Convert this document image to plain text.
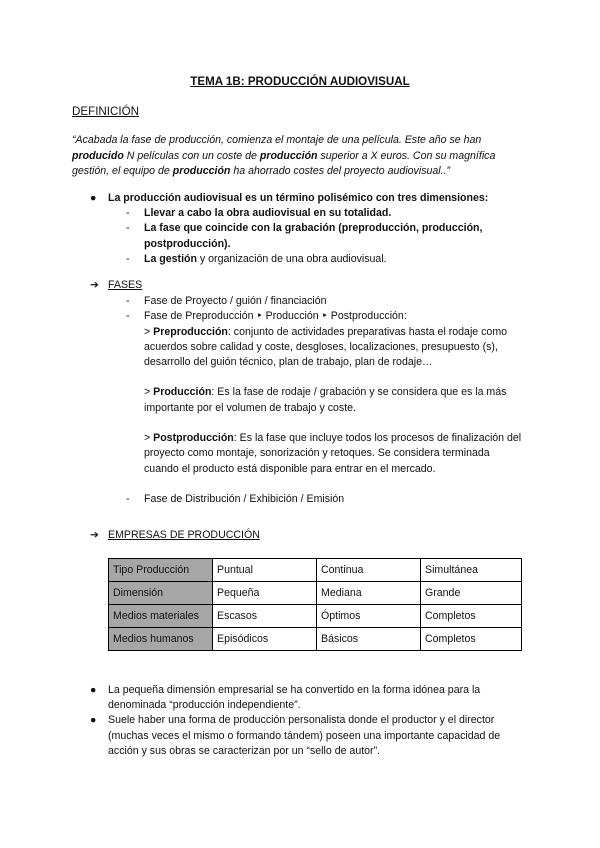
TEMA 1B: PRODUCCIÓN AUDIOVISUAL
DEFINICIÓN
“Acabada la fase de producción, comienza el montaje de una película. Este año se han producido N películas con un coste de producción superior a X euros. Con su magnífica gestión, el equipo de producción ha ahorrado costes del proyecto audiovisual..”
●	La producción audiovisual es un término polisémico con tres dimensiones:
-	Llevar a cabo la obra audiovisual en su totalidad.
-	La fase que coincide con la grabación (preproducción, producción, postproducción).
-	La gestión y organización de una obra audiovisual.
➔ FASES
-	Fase de Proyecto / guión / financiación
-	Fase de Preproducción ‣ Producción ‣ Postproducción:
> Preproducción: conjunto de actividades preparativas hasta el rodaje como acuerdos sobre calidad y coste, desgloses, localizaciones, presupuesto (s), desarrollo del guión técnico, plan de trabajo, plan de rodaje…
> Producción: Es la fase de rodaje / grabación y se considera que es la más importante por el volumen de trabajo y coste.
> Postproducción: Es la fase que incluye todos los procesos de finalización del proyecto como montaje, sonorización y retoques. Se considera terminada cuando el producto está disponible para entrar en el mercado.
-	Fase de Distribución / Exhibición / Emisión
➔ EMPRESAS DE PRODUCCIÓN
Tipo Producción	Puntual	Continua	Simultánea
Dimensión	Pequeña	Mediana	Grande
Medios materiales	Escasos	Óptimos	Completos
Medios humanos	Episódicos	Básicos	Completos
●	La pequeña dimensión empresarial se ha convertido en la forma idónea para la denominada “producción independiente”.
●	Suele haber una forma de producción personalista donde el productor y el director (muchas veces el mismo o formando tándem) poseen una importante capacidad de acción y sus obras se caracterizan por un “sello de autor”.
